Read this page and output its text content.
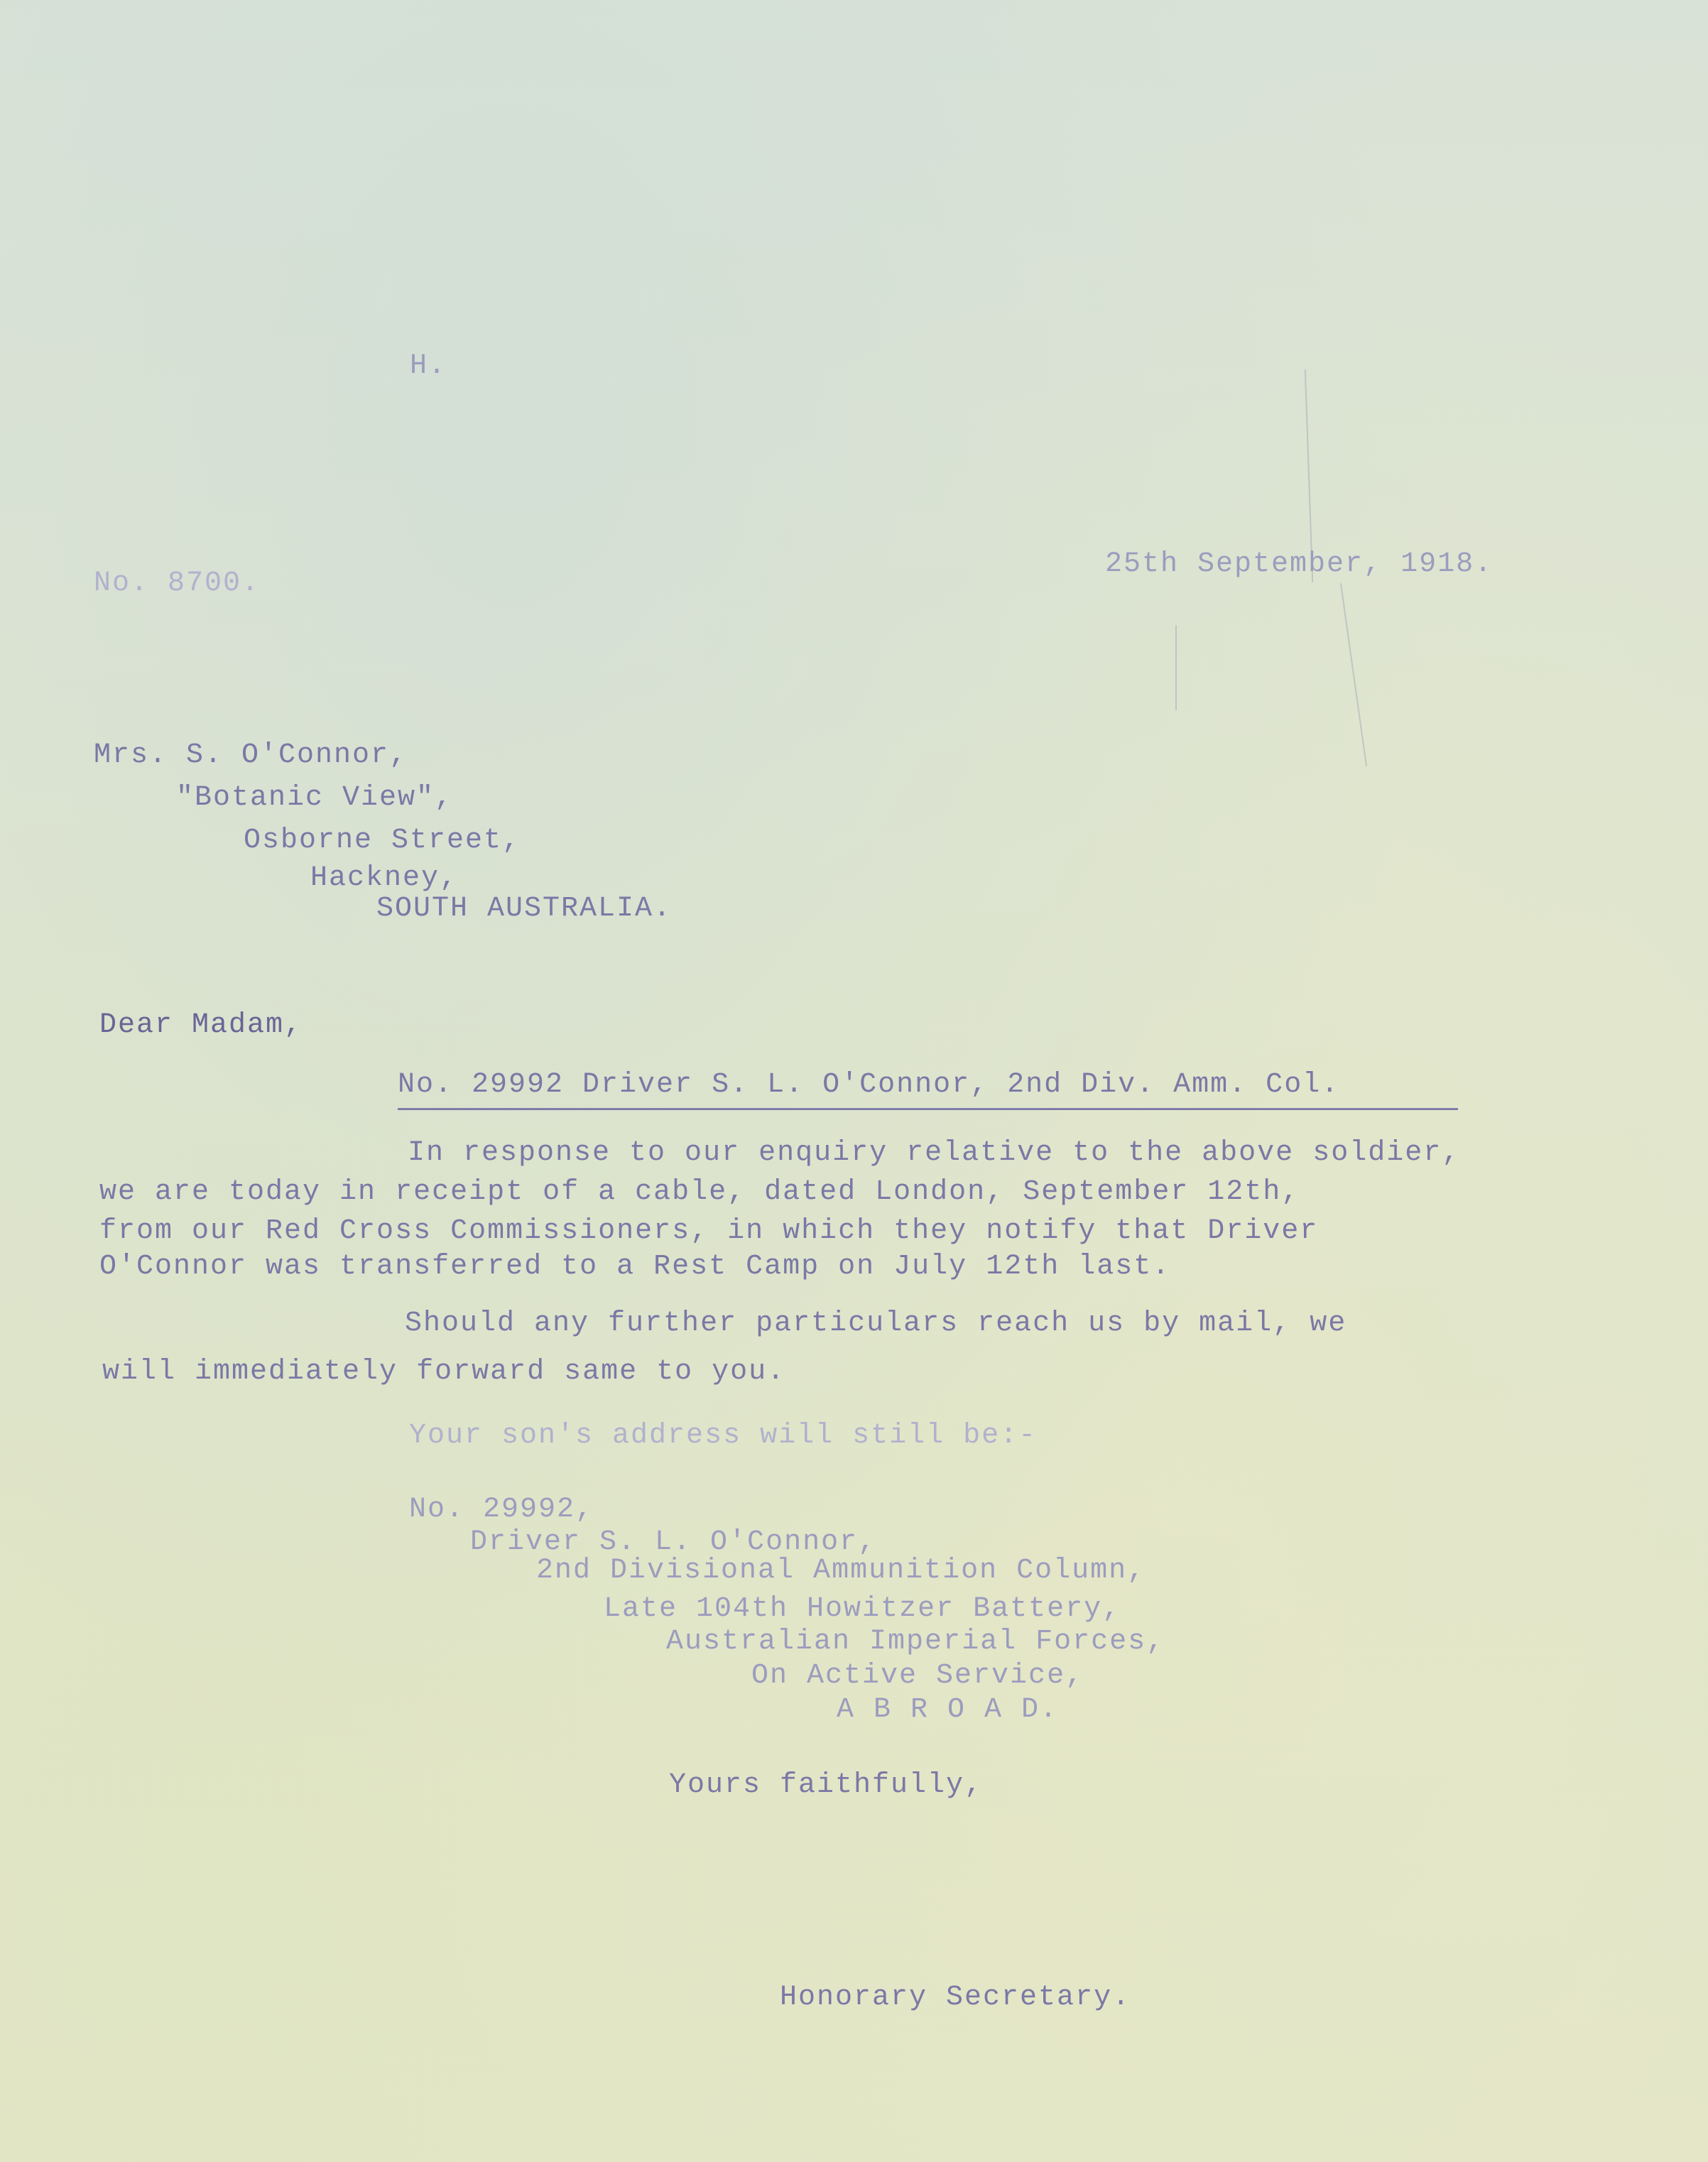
H.
No. 8700.
25th September, 1918.
Mrs. S. O'Connor,
"Botanic View",
Osborne Street,
Hackney,
SOUTH AUSTRALIA.
Dear Madam,
No. 29992 Driver S. L. O'Connor, 2nd Div. Amm. Col.
In response to our enquiry relative to the above soldier,
we are today in receipt of a cable, dated London, September 12th,
from our Red Cross Commissioners, in which they notify that Driver
O'Connor was transferred to a Rest Camp on July 12th last.
Should any further particulars reach us by mail, we
will immediately forward same to you.
Your son's address will still be:-
No. 29992,
Driver S. L. O'Connor,
2nd Divisional Ammunition Column,
Late 104th Howitzer Battery,
Australian Imperial Forces,
On Active Service,
A B R O A D.
Yours faithfully,
Honorary Secretary.
